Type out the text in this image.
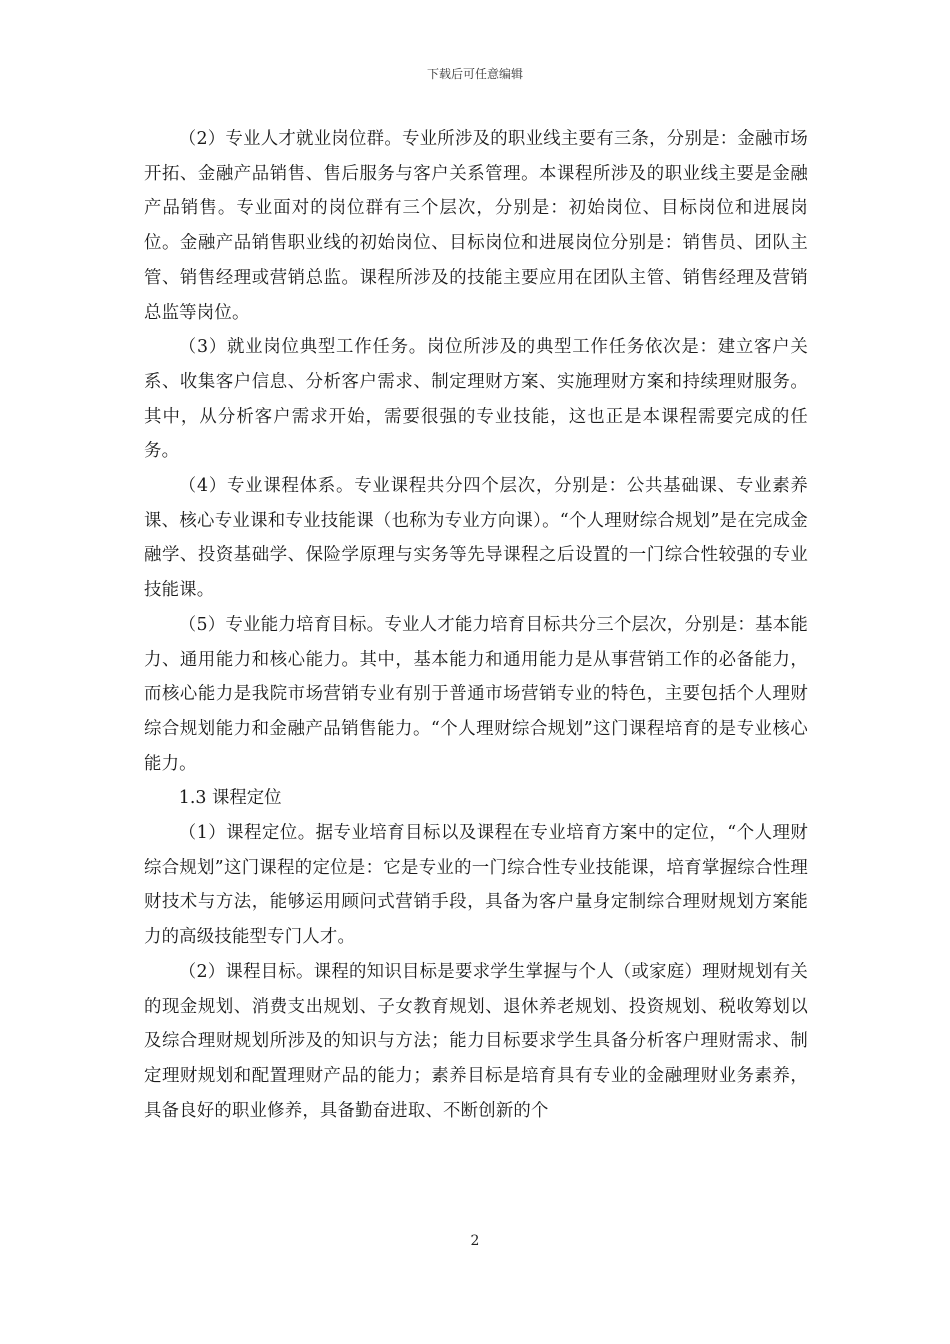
下载后可任意编辑

（2）专业人才就业岗位群。专业所涉及的职业线主要有三条，分别是：金融市场开拓、金融产品销售、售后服务与客户关系管理。本课程所涉及的职业线主要是金融产品销售。专业面对的岗位群有三个层次，分别是：初始岗位、目标岗位和进展岗位。金融产品销售职业线的初始岗位、目标岗位和进展岗位分别是：销售员、团队主管、销售经理或营销总监。课程所涉及的技能主要应用在团队主管、销售经理及营销总监等岗位。

（3）就业岗位典型工作任务。岗位所涉及的典型工作任务依次是：建立客户关系、收集客户信息、分析客户需求、制定理财方案、实施理财方案和持续理财服务。其中，从分析客户需求开始，需要很强的专业技能，这也正是本课程需要完成的任务。

（4）专业课程体系。专业课程共分四个层次，分别是：公共基础课、专业素养课、核心专业课和专业技能课（也称为专业方向课）。“个人理财综合规划”是在完成金融学、投资基础学、保险学原理与实务等先导课程之后设置的一门综合性较强的专业技能课。

（5）专业能力培育目标。专业人才能力培育目标共分三个层次，分别是：基本能力、通用能力和核心能力。其中，基本能力和通用能力是从事营销工作的必备能力，而核心能力是我院市场营销专业有别于普通市场营销专业的特色，主要包括个人理财综合规划能力和金融产品销售能力。“个人理财综合规划”这门课程培育的是专业核心能力。

1.3 课程定位

（1）课程定位。据专业培育目标以及课程在专业培育方案中的定位，“个人理财综合规划”这门课程的定位是：它是专业的一门综合性专业技能课，培育掌握综合性理财技术与方法，能够运用顾问式营销手段，具备为客户量身定制综合理财规划方案能力的高级技能型专门人才。

（2）课程目标。课程的知识目标是要求学生掌握与个人（或家庭）理财规划有关的现金规划、消费支出规划、子女教育规划、退休养老规划、投资规划、税收筹划以及综合理财规划所涉及的知识与方法；能力目标要求学生具备分析客户理财需求、制定理财规划和配置理财产品的能力；素养目标是培育具有专业的金融理财业务素养，具备良好的职业修养，具备勤奋进取、不断创新的个

2
